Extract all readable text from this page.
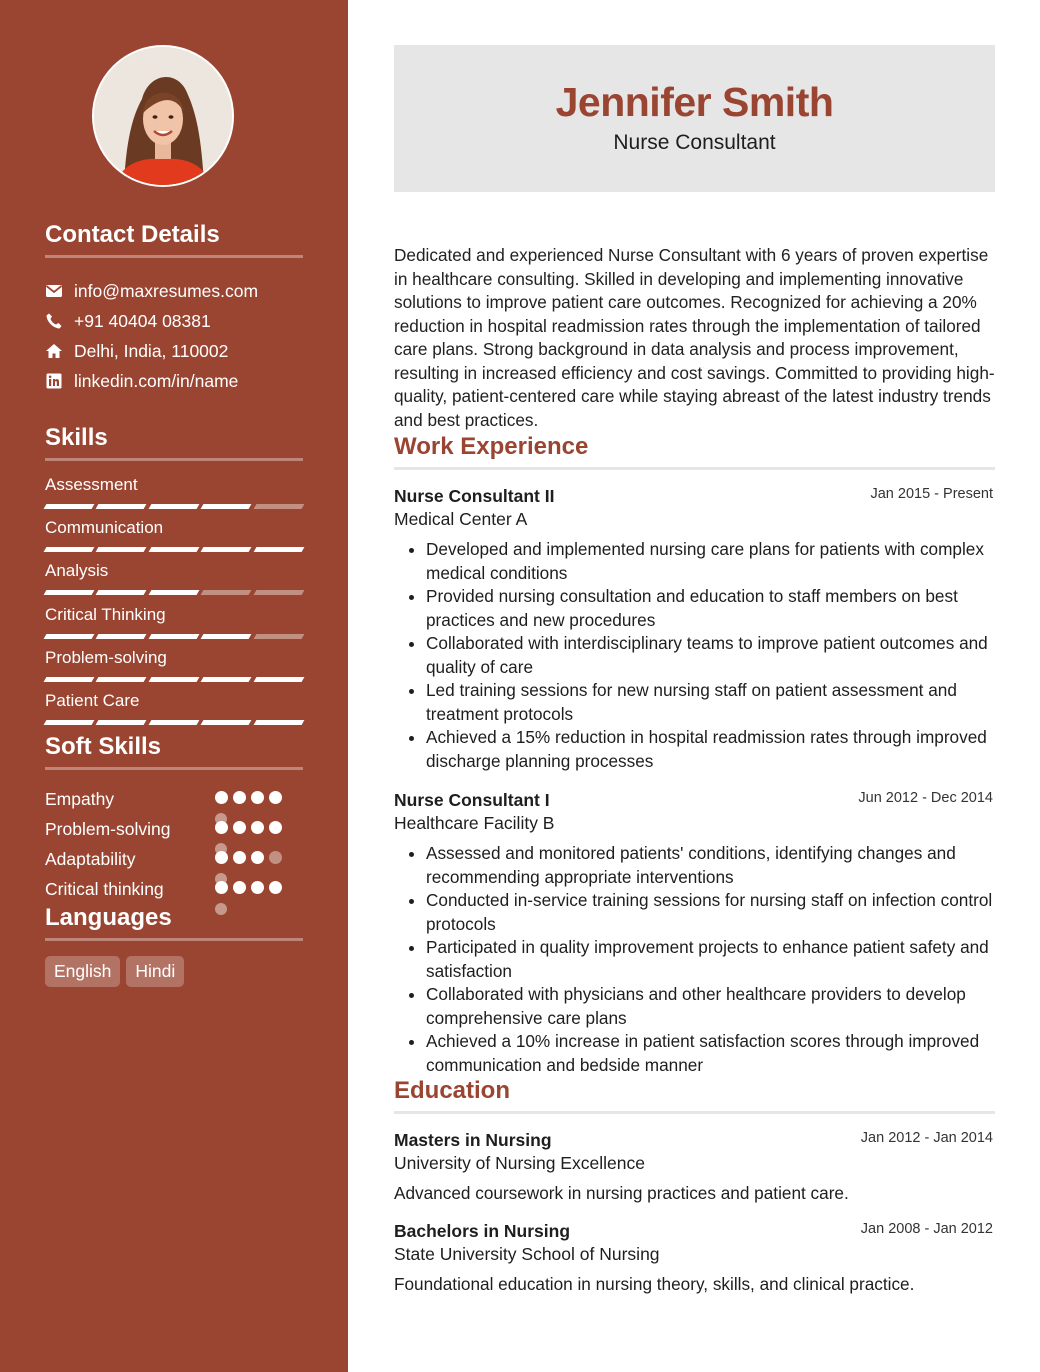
Contact Details
info@maxresumes.com
+91 40404 08381
Delhi, India, 110002
linkedin.com/in/name
Skills
Assessment
Communication
Analysis
Critical Thinking
Problem-solving
Patient Care
Soft Skills
Empathy
Problem-solving
Adaptability
Critical thinking
Languages
English	Hindi
Jennifer Smith
Nurse Consultant
Dedicated and experienced Nurse Consultant with 6 years of proven expertise in healthcare consulting. Skilled in developing and implementing innovative solutions to improve patient care outcomes. Recognized for achieving a 20% reduction in hospital readmission rates through the implementation of tailored care plans. Strong background in data analysis and process improvement, resulting in increased efficiency and cost savings. Committed to providing high-quality, patient-centered care while staying abreast of the latest industry trends and best practices.
Work Experience
Nurse Consultant II	Jan 2015 - Present
Medical Center A
• Developed and implemented nursing care plans for patients with complex medical conditions
• Provided nursing consultation and education to staff members on best practices and new procedures
• Collaborated with interdisciplinary teams to improve patient outcomes and quality of care
• Led training sessions for new nursing staff on patient assessment and treatment protocols
• Achieved a 15% reduction in hospital readmission rates through improved discharge planning processes
Nurse Consultant I	Jun 2012 - Dec 2014
Healthcare Facility B
• Assessed and monitored patients' conditions, identifying changes and recommending appropriate interventions
• Conducted in-service training sessions for nursing staff on infection control protocols
• Participated in quality improvement projects to enhance patient safety and satisfaction
• Collaborated with physicians and other healthcare providers to develop comprehensive care plans
• Achieved a 10% increase in patient satisfaction scores through improved communication and bedside manner
Education
Masters in Nursing	Jan 2012 - Jan 2014
University of Nursing Excellence
Advanced coursework in nursing practices and patient care.
Bachelors in Nursing	Jan 2008 - Jan 2012
State University School of Nursing
Foundational education in nursing theory, skills, and clinical practice.
